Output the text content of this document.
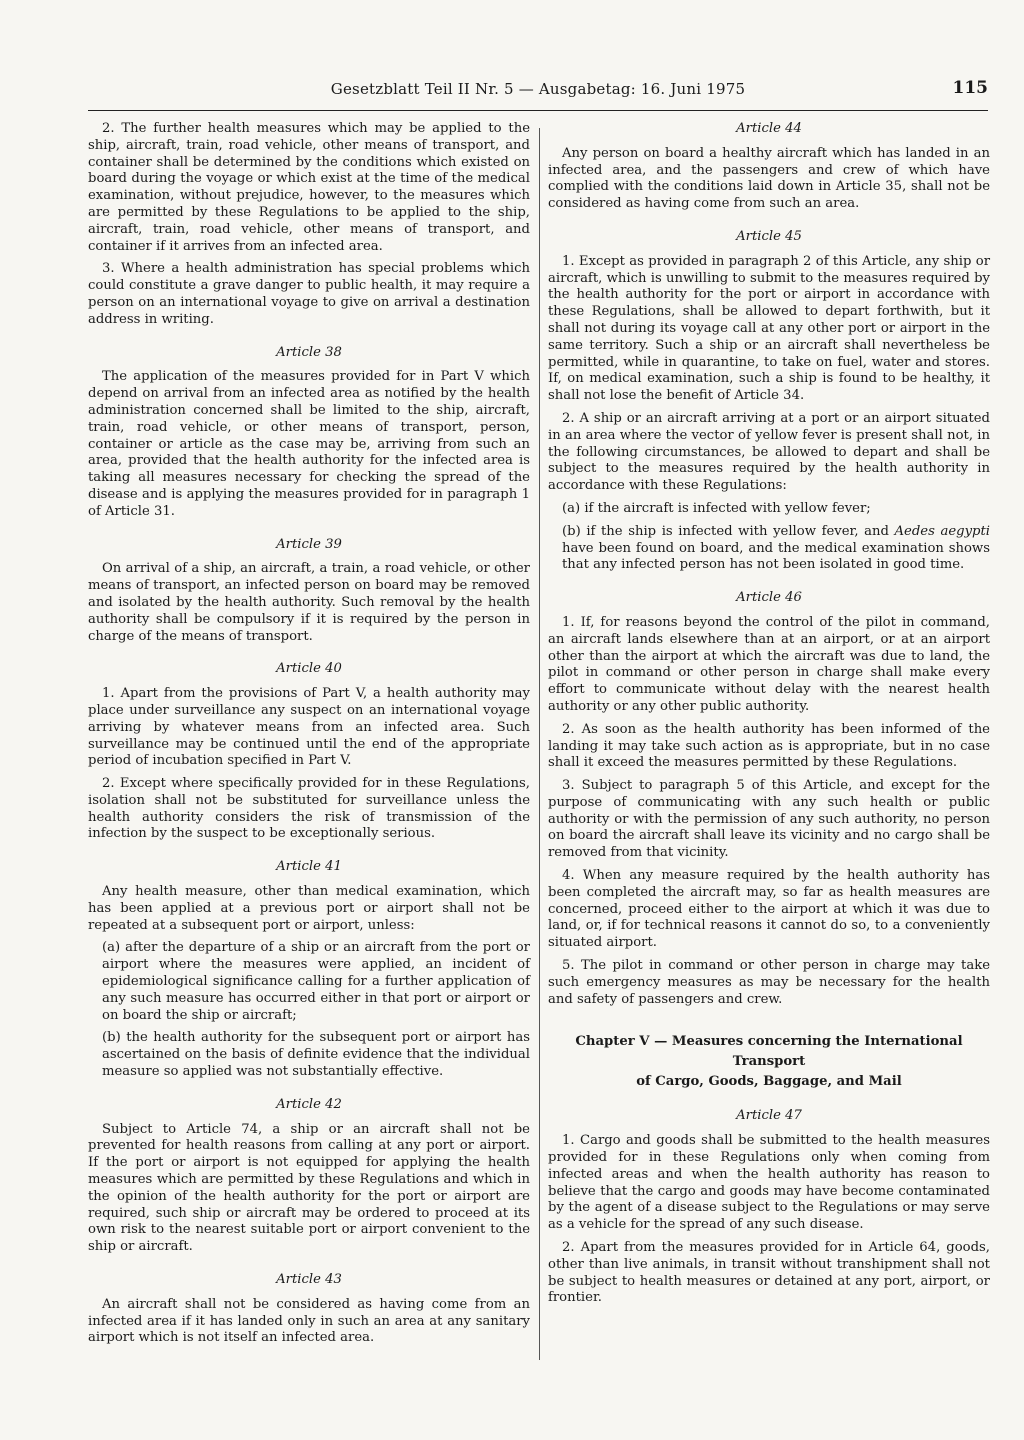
Gesetzblatt Teil II Nr. 5 — Ausgabetag: 16. Juni 1975	115

2. The further health measures which may be applied to the ship, aircraft, train, road vehicle, other means of transport, and container shall be determined by the conditions which existed on board during the voyage or which exist at the time of the medical examination, without prejudice, however, to the measures which are permitted by these Regulations to be applied to the ship, aircraft, train, road vehicle, other means of transport, and container if it arrives from an infected area.

3. Where a health administration has special problems which could constitute a grave danger to public health, it may require a person on an international voyage to give on arrival a destination address in writing.

Article 38

The application of the measures provided for in Part V which depend on arrival from an infected area as notified by the health administration concerned shall be limited to the ship, aircraft, train, road vehicle, or other means of transport, person, container or article as the case may be, arriving from such an area, provided that the health authority for the infected area is taking all measures necessary for checking the spread of the disease and is applying the measures provided for in paragraph 1 of Article 31.

Article 39

On arrival of a ship, an aircraft, a train, a road vehicle, or other means of transport, an infected person on board may be removed and isolated by the health authority. Such removal by the health authority shall be compulsory if it is required by the person in charge of the means of transport.

Article 40

1. Apart from the provisions of Part V, a health authority may place under surveillance any suspect on an international voyage arriving by whatever means from an infected area. Such surveillance may be continued until the end of the appropriate period of incubation specified in Part V.

2. Except where specifically provided for in these Regulations, isolation shall not be substituted for surveillance unless the health authority considers the risk of transmission of the infection by the suspect to be exceptionally serious.

Article 41

Any health measure, other than medical examination, which has been applied at a previous port or airport shall not be repeated at a subsequent port or airport, unless:

(a) after the departure of a ship or an aircraft from the port or airport where the measures were applied, an incident of epidemiological significance calling for a further application of any such measure has occurred either in that port or airport or on board the ship or aircraft;

(b) the health authority for the subsequent port or airport has ascertained on the basis of definite evidence that the individual measure so applied was not substantially effective.

Article 42

Subject to Article 74, a ship or an aircraft shall not be prevented for health reasons from calling at any port or airport. If the port or airport is not equipped for applying the health measures which are permitted by these Regulations and which in the opinion of the health authority for the port or airport are required, such ship or aircraft may be ordered to proceed at its own risk to the nearest suitable port or airport convenient to the ship or aircraft.

Article 43

An aircraft shall not be considered as having come from an infected area if it has landed only in such an area at any sanitary airport which is not itself an infected area.

Article 44

Any person on board a healthy aircraft which has landed in an infected area, and the passengers and crew of which have complied with the conditions laid down in Article 35, shall not be considered as having come from such an area.

Article 45

1. Except as provided in paragraph 2 of this Article, any ship or aircraft, which is unwilling to submit to the measures required by the health authority for the port or airport in accordance with these Regulations, shall be allowed to depart forthwith, but it shall not during its voyage call at any other port or airport in the same territory. Such a ship or an aircraft shall nevertheless be permitted, while in quarantine, to take on fuel, water and stores. If, on medical examination, such a ship is found to be healthy, it shall not lose the benefit of Article 34.

2. A ship or an aircraft arriving at a port or an airport situated in an area where the vector of yellow fever is present shall not, in the following circumstances, be allowed to depart and shall be subject to the measures required by the health authority in accordance with these Regulations:

(a) if the aircraft is infected with yellow fever;

(b) if the ship is infected with yellow fever, and Aedes aegypti have been found on board, and the medical examination shows that any infected person has not been isolated in good time.

Article 46

1. If, for reasons beyond the control of the pilot in command, an aircraft lands elsewhere than at an airport, or at an airport other than the airport at which the aircraft was due to land, the pilot in command or other person in charge shall make every effort to communicate without delay with the nearest health authority or any other public authority.

2. As soon as the health authority has been informed of the landing it may take such action as is appropriate, but in no case shall it exceed the measures permitted by these Regulations.

3. Subject to paragraph 5 of this Article, and except for the purpose of communicating with any such health or public authority or with the permission of any such authority, no person on board the aircraft shall leave its vicinity and no cargo shall be removed from that vicinity.

4. When any measure required by the health authority has been completed the aircraft may, so far as health measures are concerned, proceed either to the airport at which it was due to land, or, if for technical reasons it cannot do so, to a conveniently situated airport.

5. The pilot in command or other person in charge may take such emergency measures as may be necessary for the health and safety of passengers and crew.

Chapter V — Measures concerning the International Transport
of Cargo, Goods, Baggage, and Mail
Article 47

1. Cargo and goods shall be submitted to the health measures provided for in these Regulations only when coming from infected areas and when the health authority has reason to believe that the cargo and goods may have become contaminated by the agent of a disease subject to the Regulations or may serve as a vehicle for the spread of any such disease.

2. Apart from the measures provided for in Article 64, goods, other than live animals, in transit without transhipment shall not be subject to health measures or detained at any port, airport, or frontier.
